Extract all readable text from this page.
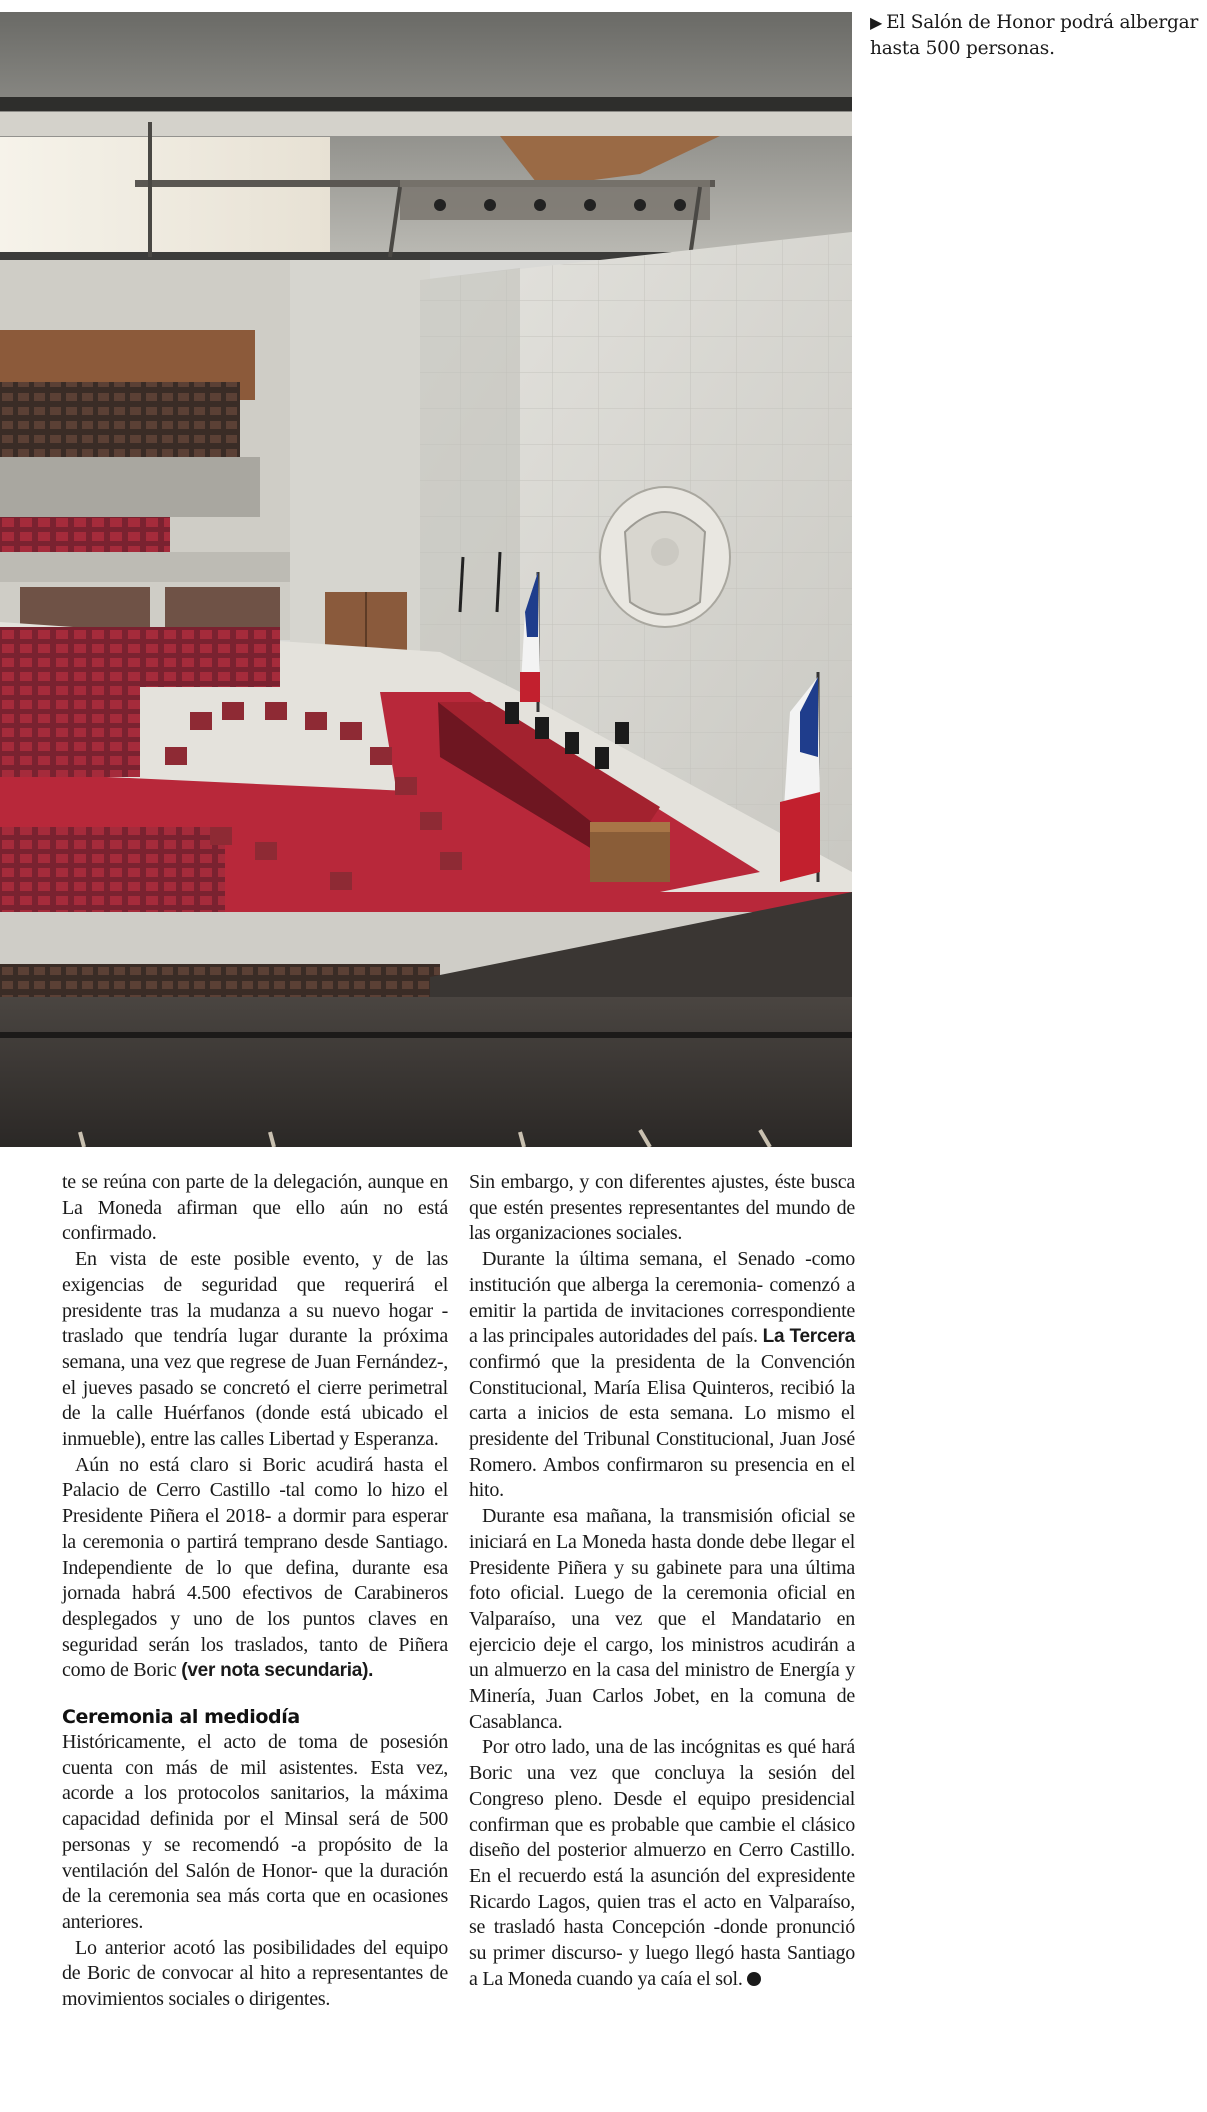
▶ El Salón de Honor podrá albergar hasta 500 personas.

te se reúna con parte de la delegación, aunque en La Moneda afirman que ello aún no está confirmado.

En vista de este posible evento, y de las exigencias de seguridad que requerirá el presidente tras la mudanza a su nuevo hogar -traslado que tendría lugar durante la próxima semana, una vez que regrese de Juan Fernández-, el jueves pasado se concretó el cierre perimetral de la calle Huérfanos (donde está ubicado el inmueble), entre las calles Libertad y Esperanza.

Aún no está claro si Boric acudirá hasta el Palacio de Cerro Castillo -tal como lo hizo el Presidente Piñera el 2018- a dormir para esperar la ceremonia o partirá temprano desde Santiago. Independiente de lo que defina, durante esa jornada habrá 4.500 efectivos de Carabineros desplegados y uno de los puntos claves en seguridad serán los traslados, tanto de Piñera como de Boric (ver nota secundaria).

Ceremonia al mediodía

Históricamente, el acto de toma de posesión cuenta con más de mil asistentes. Esta vez, acorde a los protocolos sanitarios, la máxima capacidad definida por el Minsal será de 500 personas y se recomendó -a propósito de la ventilación del Salón de Honor- que la duración de la ceremonia sea más corta que en ocasiones anteriores.

Lo anterior acotó las posibilidades del equipo de Boric de convocar al hito a representantes de movimientos sociales o dirigentes.

Sin embargo, y con diferentes ajustes, éste busca que estén presentes representantes del mundo de las organizaciones sociales.

Durante la última semana, el Senado -como institución que alberga la ceremonia- comenzó a emitir la partida de invitaciones correspondiente a las principales autoridades del país. La Tercera confirmó que la presidenta de la Convención Constitucional, María Elisa Quinteros, recibió la carta a inicios de esta semana. Lo mismo el presidente del Tribunal Constitucional, Juan José Romero. Ambos confirmaron su presencia en el hito.

Durante esa mañana, la transmisión oficial se iniciará en La Moneda hasta donde debe llegar el Presidente Piñera y su gabinete para una última foto oficial. Luego de la ceremonia oficial en Valparaíso, una vez que el Mandatario en ejercicio deje el cargo, los ministros acudirán a un almuerzo en la casa del ministro de Energía y Minería, Juan Carlos Jobet, en la comuna de Casablanca.

Por otro lado, una de las incógnitas es qué hará Boric una vez que concluya la sesión del Congreso pleno. Desde el equipo presidencial confirman que es probable que cambie el clásico diseño del posterior almuerzo en Cerro Castillo. En el recuerdo está la asunción del expresidente Ricardo Lagos, quien tras el acto en Valparaíso, se trasladó hasta Concepción -donde pronunció su primer discurso- y luego llegó hasta Santiago a La Moneda cuando ya caía el sol.
